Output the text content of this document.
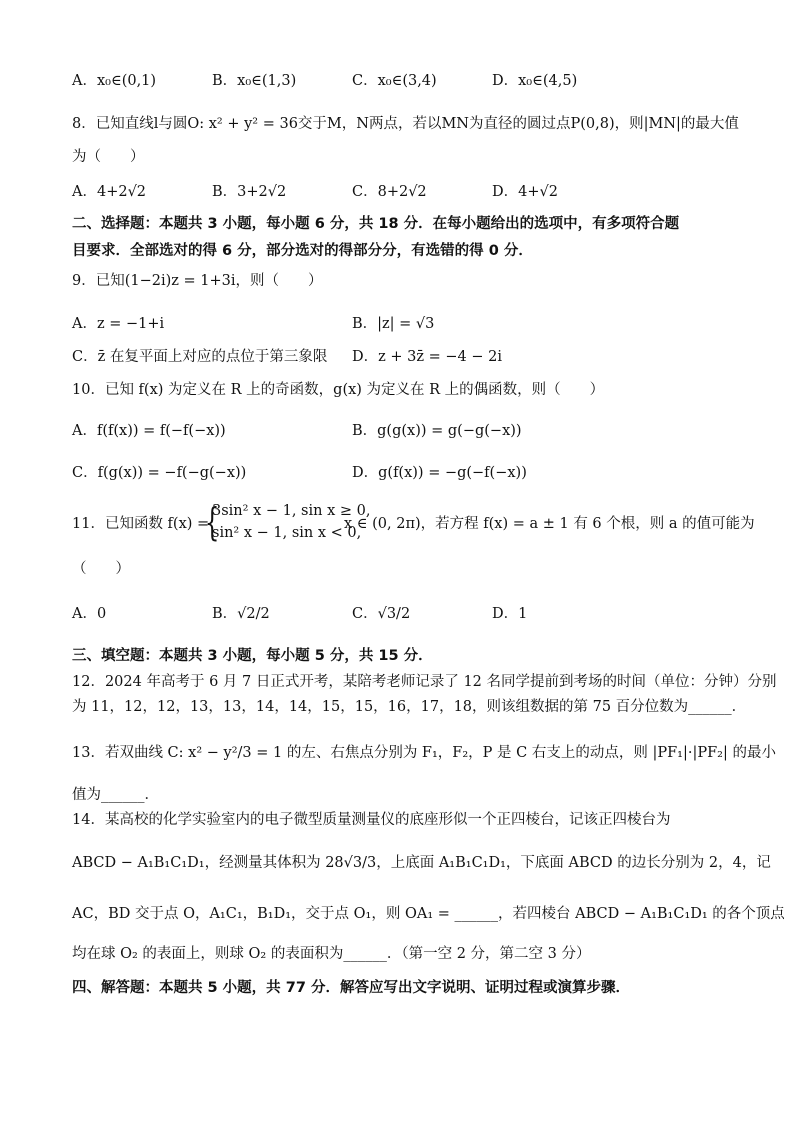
A．x₀∈(0,1)	B．x₀∈(1,3)	C．x₀∈(3,4)	D．x₀∈(4,5)
8．已知直线l与圆O: x² + y² = 36交于M，N两点，若以MN为直径的圆过点P(0,8)，则|MN|的最大值
为（　　）
A．4+2√2	B．3+2√2	C．8+2√2	D．4+√2
二、选择题：本题共 3 小题，每小题 6 分，共 18 分．在每小题给出的选项中，有多项符合题
目要求．全部选对的得 6 分，部分选对的得部分分，有选错的得 0 分．
9．已知(1−2i)z = 1+3i，则（　　）
A．z = −1+i	B．|z| = √3
C．z̄ 在复平面上对应的点位于第三象限 D．z + 3z̄ = −4 − 2i
10．已知 f(x) 为定义在 R 上的奇函数，g(x) 为定义在 R 上的偶函数，则（　　）
A．f(f(x)) = f(−f(−x))	B．g(g(x)) = g(−g(−x))
C．f(g(x)) = −f(−g(−x))	D．g(f(x)) = −g(−f(−x))
11．已知函数 f(x) =
{
3sin² x − 1, sin x ≥ 0,
sin² x − 1, sin x < 0,
x ∈ (0, 2π)，若方程 f(x) = a ± 1 有 6 个根，则 a 的值可能为
（　　）
A．0	B．√2/2	C．√3/2	D．1
三、填空题：本题共 3 小题，每小题 5 分，共 15 分．
12．2024 年高考于 6 月 7 日正式开考，某陪考老师记录了 12 名同学提前到考场的时间（单位：分钟）分别
为 11，12，12，13，13，14，14，15，15，16，17，18，则该组数据的第 75 百分位数为______．
13．若双曲线 C: x² − y²/3 = 1 的左、右焦点分别为 F₁，F₂，P 是 C 右支上的动点，则 |PF₁|·|PF₂| 的最小
值为______．
14．某高校的化学实验室内的电子微型质量测量仪的底座形似一个正四棱台，记该正四棱台为
ABCD − A₁B₁C₁D₁，经测量其体积为 28√3/3，上底面 A₁B₁C₁D₁，下底面 ABCD 的边长分别为 2，4，记
AC，BD 交于点 O，A₁C₁，B₁D₁，交于点 O₁，则 OA₁ = ______，若四棱台 ABCD − A₁B₁C₁D₁ 的各个顶点
均在球 O₂ 的表面上，则球 O₂ 的表面积为______．（第一空 2 分，第二空 3 分）
四、解答题：本题共 5 小题，共 77 分．解答应写出文字说明、证明过程或演算步骤．
